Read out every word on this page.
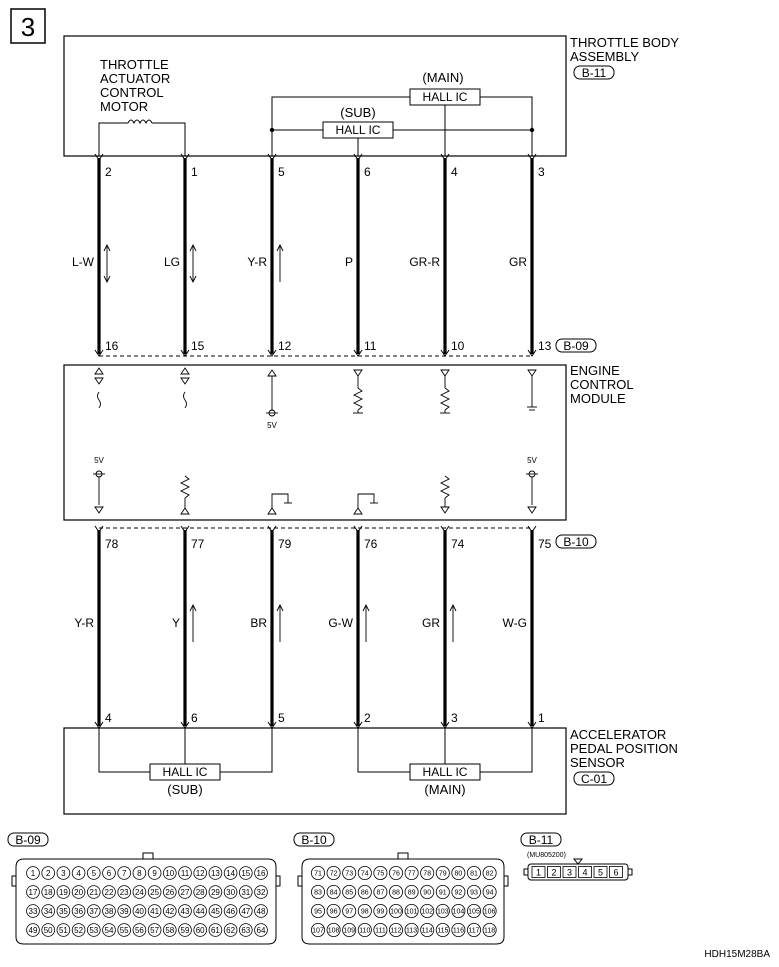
3
THROTTLE BODY ASSEMBLY
B-11
THROTTLE ACTUATOR CONTROL MOTOR
(MAIN)
HALL IC
(SUB)
HALL IC
2
16
L-W
1
15
LG
5
12
Y-R
6
11
P
4
10
GR-R
3
13
GR
B-09
ENGINE CONTROL MODULE
5V
5V	5V
B-10
78
4
Y-R
77
6
Y
79
5
BR
76
2
G-W
74
3
GR
75
1
W-G
ACCELERATOR PEDAL POSITION SENSOR
C-01
HALL IC	HALL IC
(SUB)	(MAIN)
B-09
1 2 3 4 5 6 7 8 9 10 11 12 13 14 15 16
17 18 19 20 21 22 23 24 25 26 27 28 29 30 31 32
33 34 35 36 37 38 39 40 41 42 43 44 45 46 47 48
49 50 51 52 53 54 55 56 57 58 59 60 61 62 63 64
B-10
71 72 73 74 75 76 77 78 79 80 81 82
83 84 85 86 87 88 89 90 91 92 93 94
95 96 97 98 99 100 101 102 103 104 105 106
107 108 109 110 111 112 113 114 115 116 117 118
B-11
(MU805200)
1 2 3 4 5 6
HDH15M28BA
